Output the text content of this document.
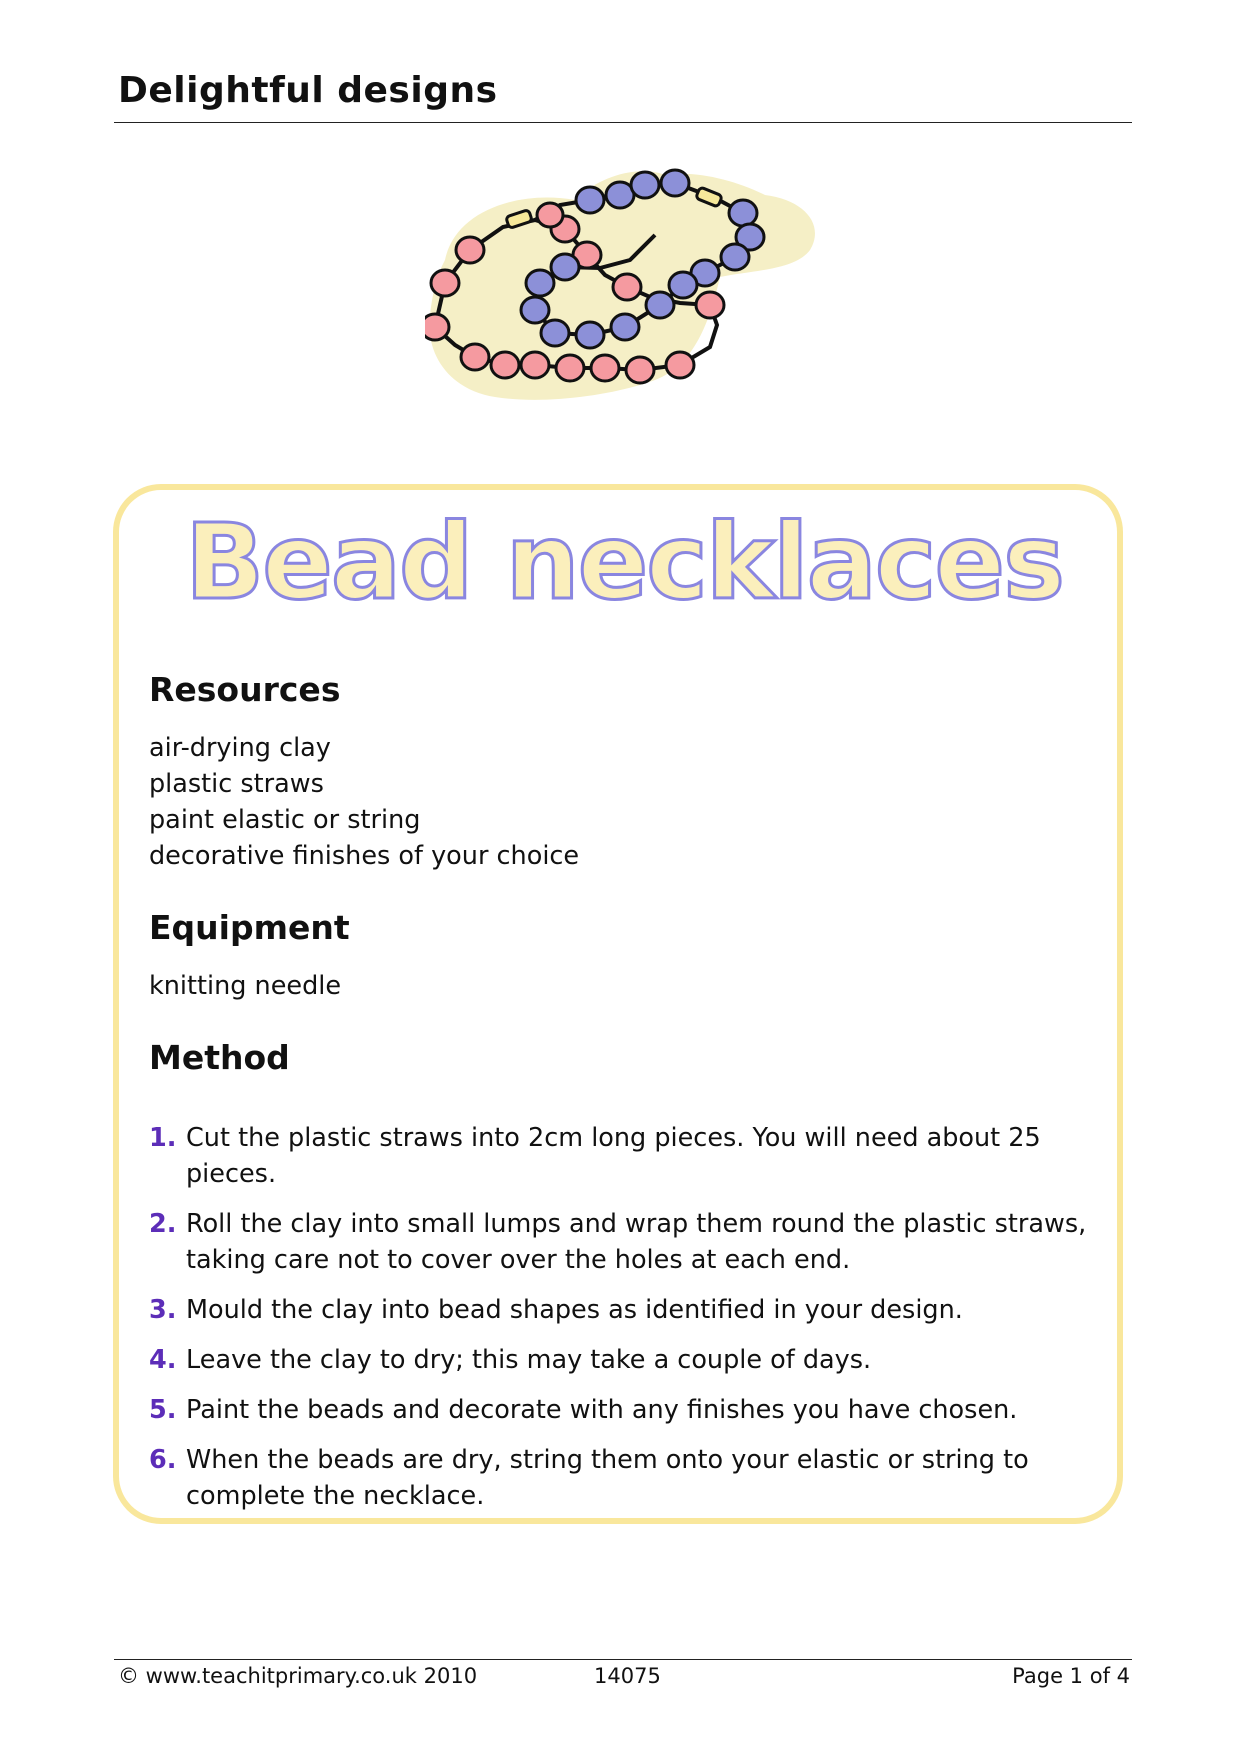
Delightful designs
Bead necklaces
Resources
air-drying clay
plastic straws
paint elastic or string
decorative finishes of your choice
Equipment
knitting needle
Method
1. Cut the plastic straws into 2cm long pieces. You will need about 25 pieces.
2. Roll the clay into small lumps and wrap them round the plastic straws, taking care not to cover over the holes at each end.
3. Mould the clay into bead shapes as identified in your design.
4. Leave the clay to dry; this may take a couple of days.
5. Paint the beads and decorate with any finishes you have chosen.
6. When the beads are dry, string them onto your elastic or string to complete the necklace.
© www.teachitprimary.co.uk 2010	14075	Page 1 of 4
